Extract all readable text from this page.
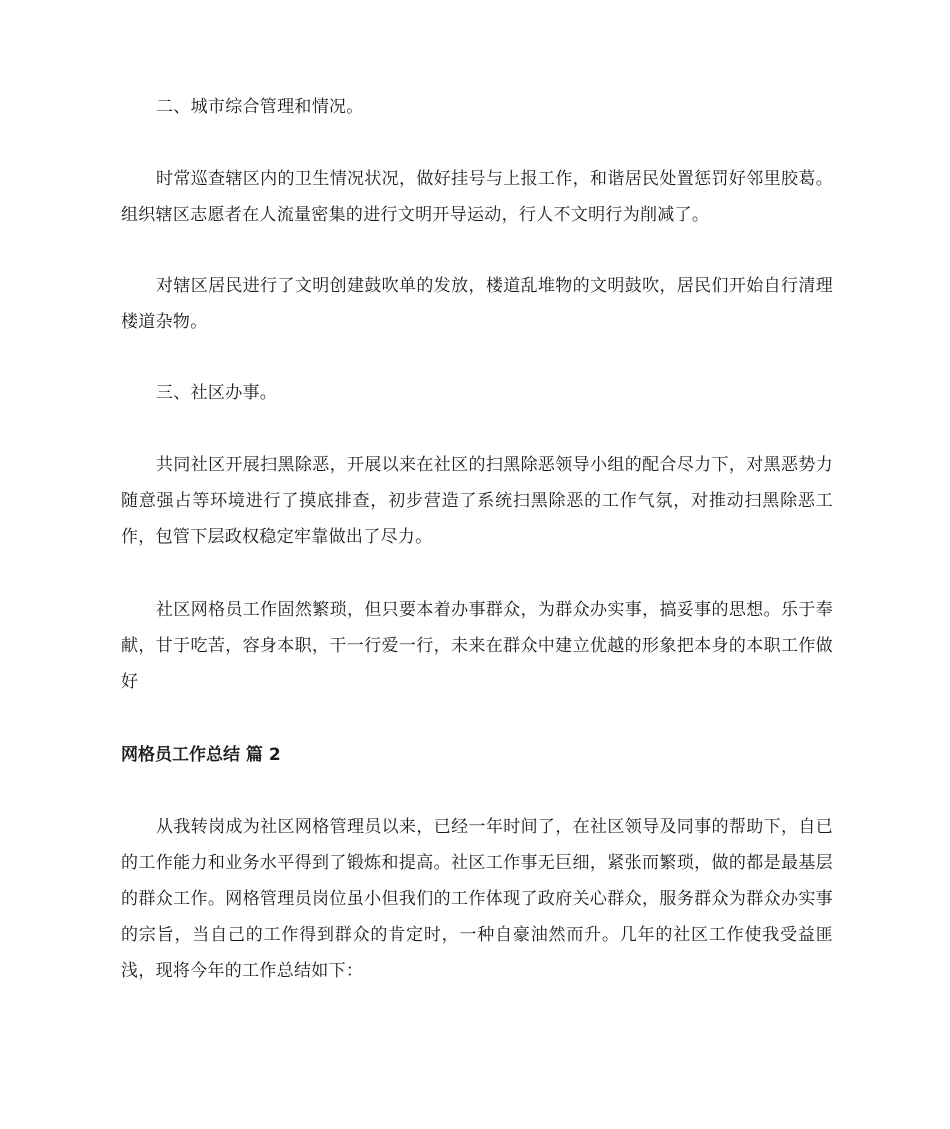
二、城市综合管理和情况。

时常巡查辖区内的卫生情况状况，做好挂号与上报工作，和谐居民处置惩罚好邻里胶葛。组织辖区志愿者在人流量密集的进行文明开导运动，行人不文明行为削减了。

对辖区居民进行了文明创建鼓吹单的发放，楼道乱堆物的文明鼓吹，居民们开始自行清理楼道杂物。

三、社区办事。

共同社区开展扫黑除恶，开展以来在社区的扫黑除恶领导小组的配合尽力下，对黑恶势力随意强占等环境进行了摸底排查，初步营造了系统扫黑除恶的工作气氛，对推动扫黑除恶工作，包管下层政权稳定牢靠做出了尽力。

社区网格员工作固然繁琐，但只要本着办事群众，为群众办实事，搞妥事的思想。乐于奉献，甘于吃苦，容身本职，干一行爱一行，未来在群众中建立优越的形象把本身的本职工作做好

网格员工作总结 篇 2

从我转岗成为社区网格管理员以来，已经一年时间了，在社区领导及同事的帮助下，自已的工作能力和业务水平得到了锻炼和提高。社区工作事无巨细，紧张而繁琐，做的都是最基层的群众工作。网格管理员岗位虽小但我们的工作体现了政府关心群众，服务群众为群众办实事的宗旨，当自己的工作得到群众的肯定时，一种自豪油然而升。几年的社区工作使我受益匪浅，现将今年的工作总结如下：
